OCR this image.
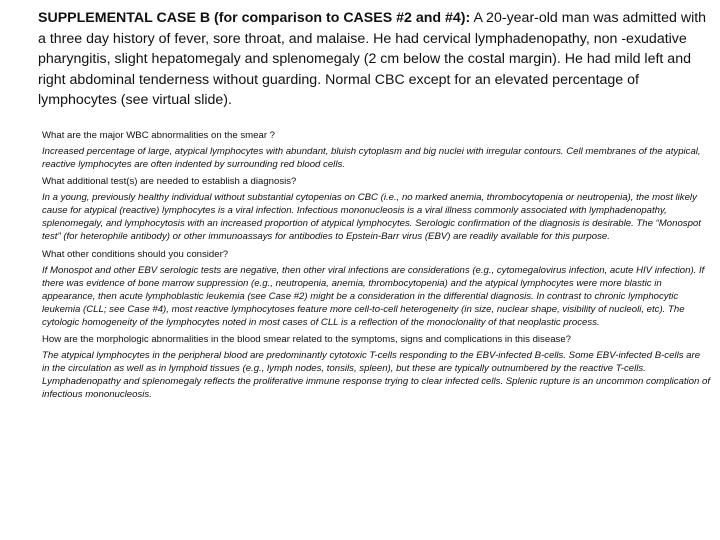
SUPPLEMENTAL CASE B (for comparison to CASES #2 and #4): A 20-year-old man was admitted with a three day history of fever, sore throat, and malaise. He had cervical lymphadenopathy, non -exudative pharyngitis, slight hepatomegaly and splenomegaly (2 cm below the costal margin). He had mild left and right abdominal tenderness without guarding. Normal CBC except for an elevated percentage of lymphocytes (see virtual slide).

What are the major WBC abnormalities on the smear ?

Increased percentage of large, atypical lymphocytes with abundant, bluish cytoplasm and big nuclei with irregular contours. Cell membranes of the atypical, reactive lymphocytes are often indented by surrounding red blood cells.

What additional test(s) are needed to establish a diagnosis?

In a young, previously healthy individual without substantial cytopenias on CBC (i.e., no marked anemia, thrombocytopenia or neutropenia), the most likely cause for atypical (reactive) lymphocytes is a viral infection. Infectious mononucleosis is a viral illness commonly associated with lymphadenopathy, splenomegaly, and lymphocytosis with an increased proportion of atypical lymphocytes. Serologic confirmation of the diagnosis is desirable. The “Monospot test” (for heterophile antibody) or other immunoassays for antibodies to Epstein-Barr virus (EBV) are readily available for this purpose.

What other conditions should you consider?

If Monospot and other EBV serologic tests are negative, then other viral infections are considerations (e.g., cytomegalovirus infection, acute HIV infection). If there was evidence of bone marrow suppression (e.g., neutropenia, anemia, thrombocytopenia) and the atypical lymphocytes were more blastic in appearance, then acute lymphoblastic leukemia (see Case #2) might be a consideration in the differential diagnosis. In contrast to chronic lymphocytic leukemia (CLL; see Case #4), most reactive lymphocytoses feature more cell-to-cell heterogeneity (in size, nuclear shape, visibility of nucleoli, etc). The cytologic homogeneity of the lymphocytes noted in most cases of CLL is a reflection of the monoclonality of that neoplastic process.

How are the morphologic abnormalities in the blood smear related to the symptoms, signs and complications in this disease?

The atypical lymphocytes in the peripheral blood are predominantly cytotoxic T-cells responding to the EBV-infected B-cells. Some EBV-infected B-cells are in the circulation as well as in lymphoid tissues (e.g., lymph nodes, tonsils, spleen), but these are typically outnumbered by the reactive T-cells. Lymphadenopathy and splenomegaly reflects the proliferative immune response trying to clear infected cells. Splenic rupture is an uncommon complication of infectious mononucleosis.
